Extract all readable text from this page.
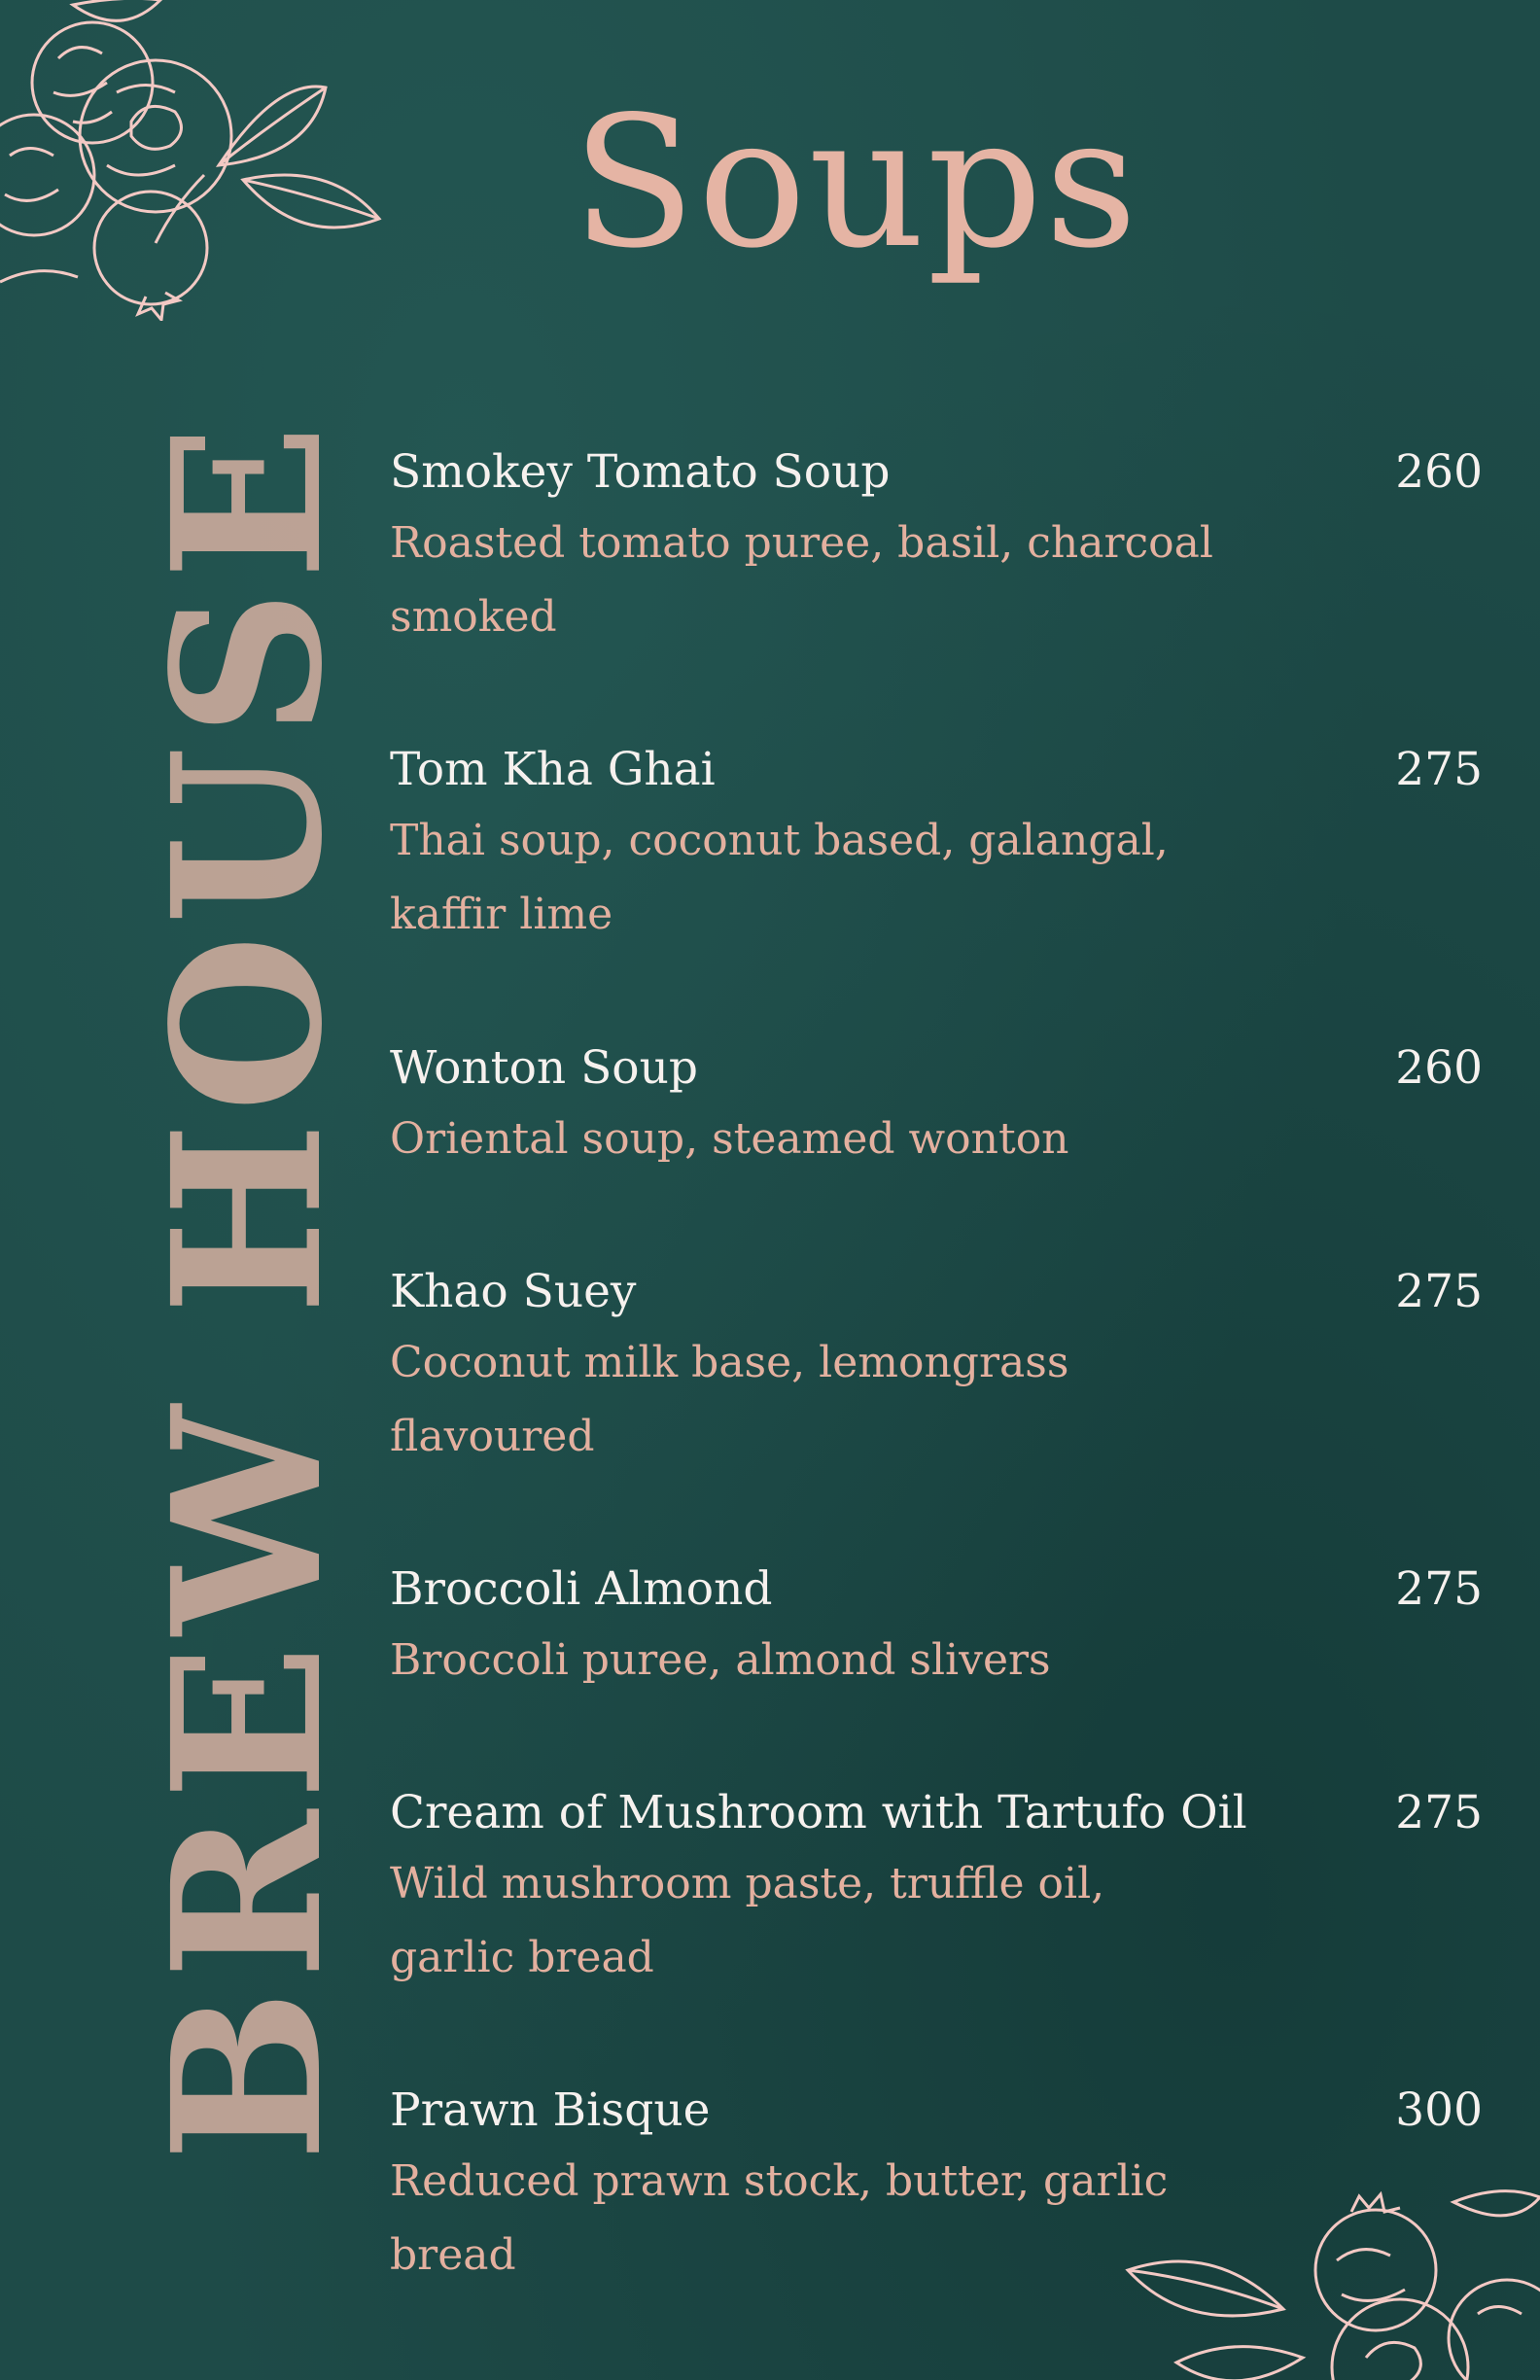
Soups
BREW HOUSE Smokey Tomato Soup	260
Roasted tomato puree, basil, charcoal smoked
Tom Kha Ghai	275
Thai soup, coconut based, galangal, kaffir lime
Wonton Soup	260
Oriental soup, steamed wonton
Khao Suey	275
Coconut milk base, lemongrass flavoured
Broccoli Almond	275
Broccoli puree, almond slivers
Cream of Mushroom with Tartufo Oil	275
Wild mushroom paste, truffle oil, garlic bread
Prawn Bisque	300
Reduced prawn stock, butter, garlic bread
